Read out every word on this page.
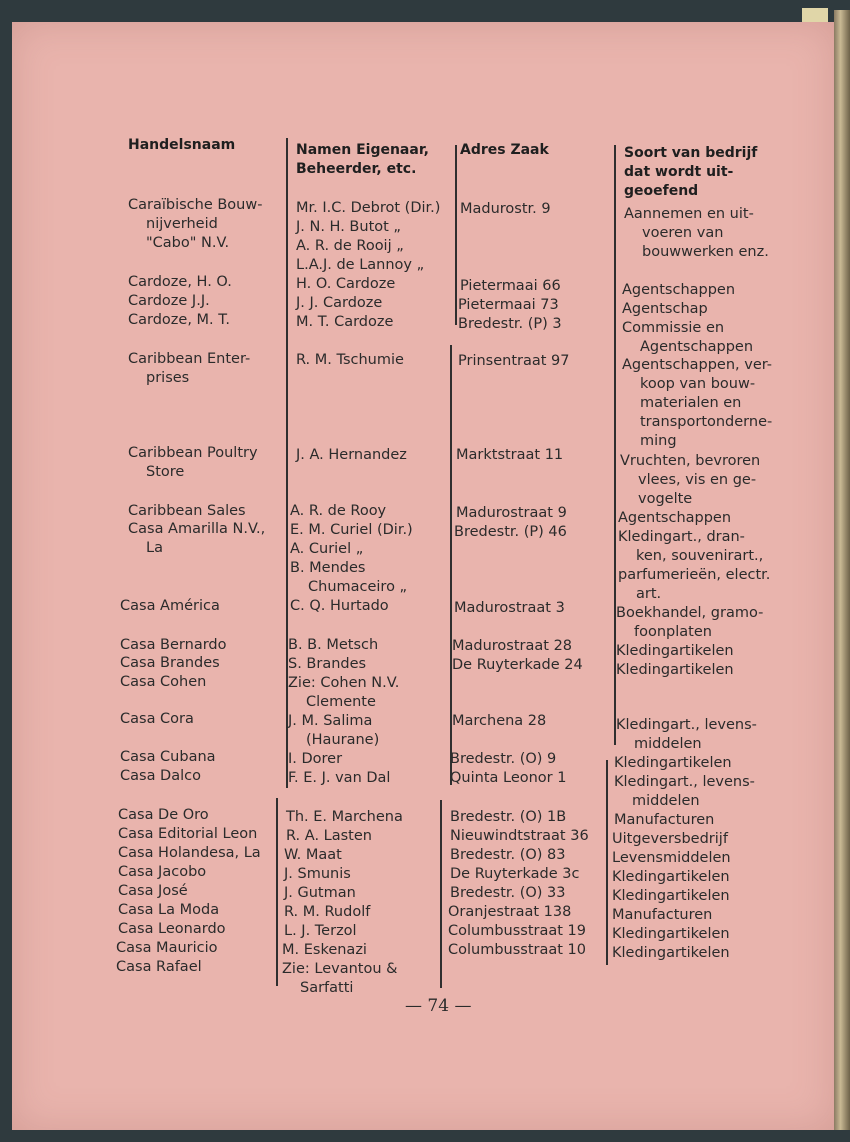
Handelsnaam	Namen Eigenaar,
Beheerder, etc.
Adres Zaak	Soort van bedrijf
dat wordt uit-
geoefend
Caraïbische Bouw-
nijverheid
"Cabo" N.V.
Cardoze, H. O.
Cardoze J.J.
Cardoze, M. T.
Caribbean Enter-
prises
Caribbean Poultry
Store
Caribbean Sales
Casa Amarilla N.V.,
La
Casa América
Casa Bernardo
Casa Brandes
Casa Cohen
Casa Cora
Casa Cubana
Casa Dalco
Casa De Oro
Casa Editorial Leon
Casa Holandesa, La
Casa Jacobo
Casa José
Casa La Moda
Casa Leonardo
Casa Mauricio
Casa Rafael
Mr. I.C. Debrot (Dir.)
J. N. H. Butot „
A. R. de Rooij „
L.A.J. de Lannoy „
H. O. Cardoze
J. J. Cardoze
M. T. Cardoze
R. M. Tschumie
J. A. Hernandez
A. R. de Rooy
E. M. Curiel (Dir.)
A. Curiel „
B. Mendes
Chumaceiro „
C. Q. Hurtado
B. B. Metsch
S. Brandes
Zie: Cohen N.V.
Clemente
J. M. Salima
(Haurane)
I. Dorer
F. E. J. van Dal
Th. E. Marchena
R. A. Lasten
W. Maat
J. Smunis
J. Gutman
R. M. Rudolf
L. J. Terzol
M. Eskenazi
Zie: Levantou &
Sarfatti
Madurostr. 9
Pietermaai 66
Pietermaai 73
Bredestr. (P) 3
Prinsentraat 97
Marktstraat 11
Madurostraat 9
Bredestr. (P) 46
Madurostraat 3
Madurostraat 28
De Ruyterkade 24
Marchena 28
Bredestr. (O) 9
Quinta Leonor 1
Bredestr. (O) 1B
Nieuwindtstraat 36
Bredestr. (O) 83
De Ruyterkade 3c
Bredestr. (O) 33
Oranjestraat 138
Columbusstraat 19
Columbusstraat 10
Aannemen en uit-
voeren van
bouwwerken enz.
Agentschappen
Agentschap
Commissie en
Agentschappen
Agentschappen, ver-
koop van bouw-
materialen en
transportonderne-
ming
Vruchten, bevroren
vlees, vis en ge-
vogelte
Agentschappen
Kledingart., dran-
ken, souvenirart.,
parfumerieën, electr.
art.
Boekhandel, gramo-
foonplaten
Kledingartikelen
Kledingartikelen
Kledingart., levens-
middelen
Kledingartikelen
Kledingart., levens-
middelen
Manufacturen
Uitgeversbedrijf
Levensmiddelen
Kledingartikelen
Kledingartikelen
Manufacturen
Kledingartikelen
Kledingartikelen
— 74 —
